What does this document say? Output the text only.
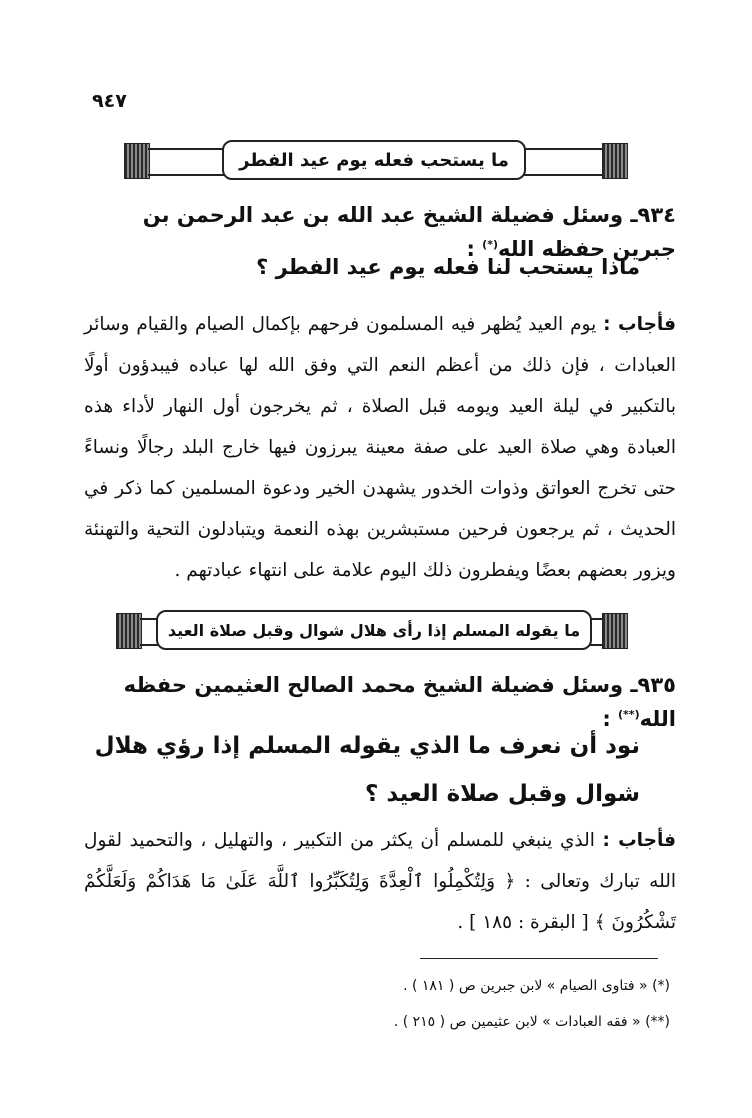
٩٤٧
ما يستحب فعله يوم عيد الفطر
٩٣٤ـ وسئل فضيلة الشيخ عبد الله بن عبد الرحمن بن جبرين حفظه الله(*) :
ماذا يستحب لنا فعله يوم عيد الفطر ؟
فأجاب : يوم العيد يُظهر فيه المسلمون فرحهم بإكمال الصيام والقيام وسائر العبادات ، فإن ذلك من أعظم النعم التي وفق الله لها عباده فيبدؤون أولًا بالتكبير في ليلة العيد ويومه قبل الصلاة ، ثم يخرجون أول النهار لأداء هذه العبادة وهي صلاة العيد على صفة معينة يبرزون فيها خارج البلد رجالًا ونساءً حتى تخرج العواتق وذوات الخدور يشهدن الخير ودعوة المسلمين كما ذكر في الحديث ، ثم يرجعون فرحين مستبشرين بهذه النعمة ويتبادلون التحية والتهنئة ويزور بعضهم بعضًا ويفطرون ذلك اليوم علامة على انتهاء عبادتهم .
ما يقوله المسلم إذا رأى هلال شوال وقبل صلاة العيد
٩٣٥ـ وسئل فضيلة الشيخ محمد الصالح العثيمين حفظه الله(**) :
نود أن نعرف ما الذي يقوله المسلم إذا رؤي هلال شوال وقبل صلاة العيد ؟
فأجاب : الذي ينبغي للمسلم أن يكثر من التكبير ، والتهليل ، والتحميد لقول الله تبارك وتعالى : ﴿ وَلِتُكْمِلُوا ٱلْعِدَّةَ وَلِتُكَبِّرُوا ٱللَّهَ عَلَىٰ مَا هَدَاكُمْ وَلَعَلَّكُمْ تَشْكُرُونَ ﴾ [ البقرة : ١٨٥ ] .
(*) « فتاوى الصيام » لابن جبرين ص ( ١٨١ ) .
(**) « فقه العبادات » لابن عثيمين ص ( ٢١٥ ) .
